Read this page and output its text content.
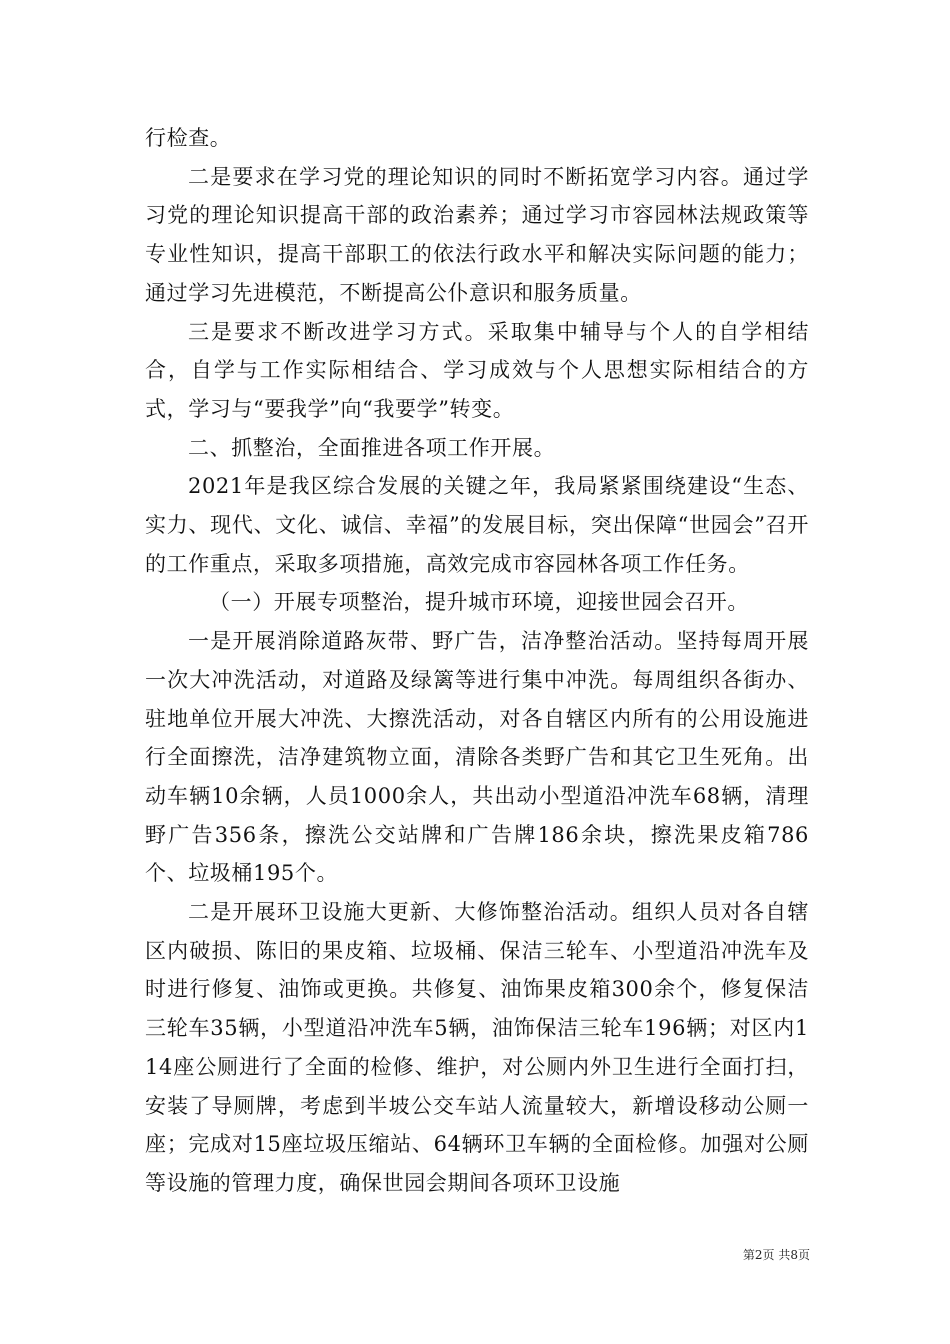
行检查。

二是要求在学习党的理论知识的同时不断拓宽学习内容。通过学习党的理论知识提高干部的政治素养；通过学习市容园林法规政策等专业性知识，提高干部职工的依法行政水平和解决实际问题的能力；通过学习先进模范，不断提高公仆意识和服务质量。

三是要求不断改进学习方式。采取集中辅导与个人的自学相结合，自学与工作实际相结合、学习成效与个人思想实际相结合的方式，学习与“要我学”向“我要学”转变。

二、抓整治，全面推进各项工作开展。

2021年是我区综合发展的关键之年，我局紧紧围绕建设“生态、实力、现代、文化、诚信、幸福”的发展目标，突出保障“世园会”召开的工作重点，采取多项措施，高效完成市容园林各项工作任务。

（一）开展专项整治，提升城市环境，迎接世园会召开。

一是开展消除道路灰带、野广告，洁净整治活动。坚持每周开展一次大冲洗活动，对道路及绿篱等进行集中冲洗。每周组织各街办、驻地单位开展大冲洗、大擦洗活动，对各自辖区内所有的公用设施进行全面擦洗，洁净建筑物立面，清除各类野广告和其它卫生死角。出动车辆10余辆，人员1000余人，共出动小型道沿冲洗车68辆，清理野广告356条，擦洗公交站牌和广告牌186余块，擦洗果皮箱786个、垃圾桶195个。

二是开展环卫设施大更新、大修饰整治活动。组织人员对各自辖区内破损、陈旧的果皮箱、垃圾桶、保洁三轮车、小型道沿冲洗车及时进行修复、油饰或更换。共修复、油饰果皮箱300余个，修复保洁三轮车35辆，小型道沿冲洗车5辆，油饰保洁三轮车196辆；对区内114座公厕进行了全面的检修、维护，对公厕内外卫生进行全面打扫，安装了导厕牌，考虑到半坡公交车站人流量较大，新增设移动公厕一座；完成对15座垃圾压缩站、64辆环卫车辆的全面检修。加强对公厕等设施的管理力度，确保世园会期间各项环卫设施

第2页 共8页
